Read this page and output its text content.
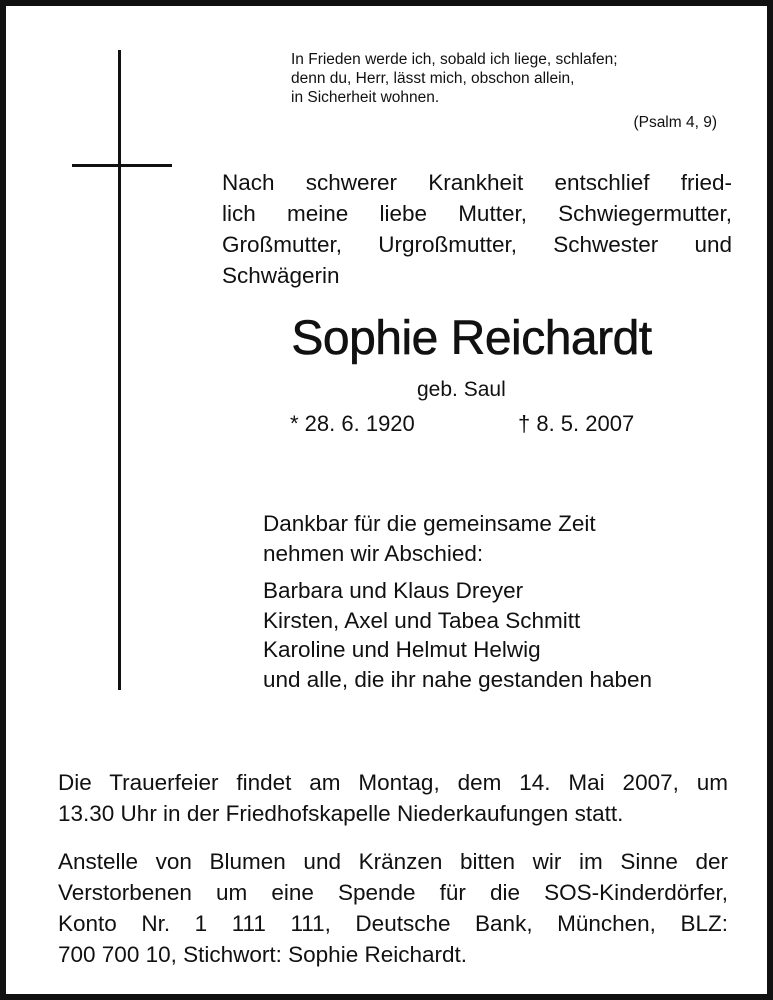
In Frieden werde ich, sobald ich liege, schlafen;
denn du, Herr, lässt mich, obschon allein,
in Sicherheit wohnen.
(Psalm 4, 9)
Nach schwerer Krankheit entschlief fried-
lich meine liebe Mutter, Schwiegermutter,
Großmutter, Urgroßmutter, Schwester und
Schwägerin
Sophie Reichardt
geb. Saul
* 28. 6. 1920	† 8. 5. 2007
Dankbar für die gemeinsame Zeit
nehmen wir Abschied:
Barbara und Klaus Dreyer
Kirsten, Axel und Tabea Schmitt
Karoline und Helmut Helwig
und alle, die ihr nahe gestanden haben
Die Trauerfeier findet am Montag, dem 14. Mai 2007, um
13.30 Uhr in der Friedhofskapelle Niederkaufungen statt.
Anstelle von Blumen und Kränzen bitten wir im Sinne der
Verstorbenen um eine Spende für die SOS-Kinderdörfer,
Konto Nr. 1 111 111, Deutsche Bank, München, BLZ:
700 700 10, Stichwort: Sophie Reichardt.
